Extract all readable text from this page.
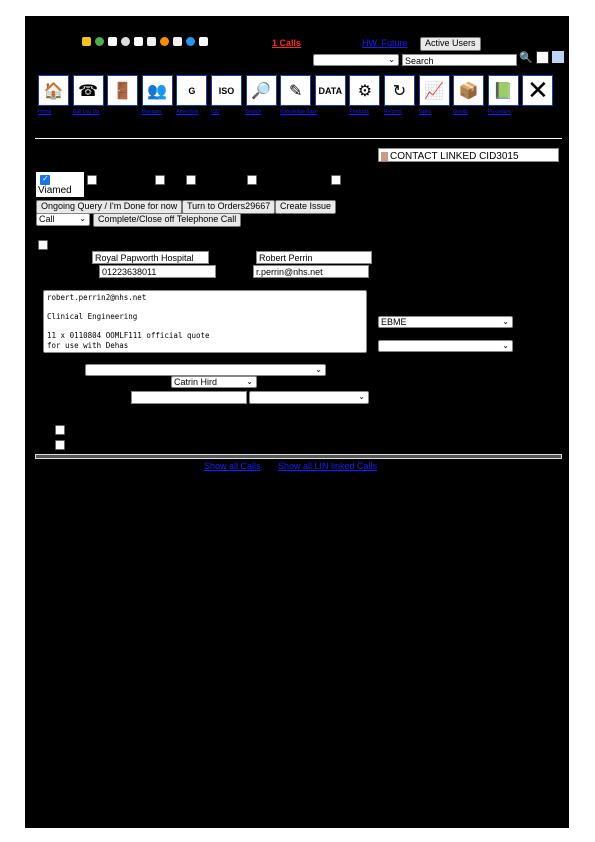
1 Calls	HW. Future	Active Users
⌄	Search	🔍
🏠
Home
☎
Call Log Dis
🚪 👥
Manager
G
Advertisin
ISO
ISO
🔎
Search
✎
Knowledge Base
DATA ⚙
Products
↻
Returns
📈
Sales
📦
Goods
📗
Procedure
✕
CONTACT LINKED CID3015
✓
Viamed
Ongoing Query / I'm Done for now	Turn to Orders29667	Create Issue
Call	⌄	Complete/Close off Telephone Call
Royal Papworth Hospital	Robert Perrin
01223638011	r.perrin@nhs.net
robert.perrin2@nhs.net
Clinical Engineering
11 x 0110804 OOMLF111 official quote
for use with Dehas
EBME	⌄
⌄
⌄
Catrin Hird	⌄
⌄
Show all Calls Show all LIN linked Calls
